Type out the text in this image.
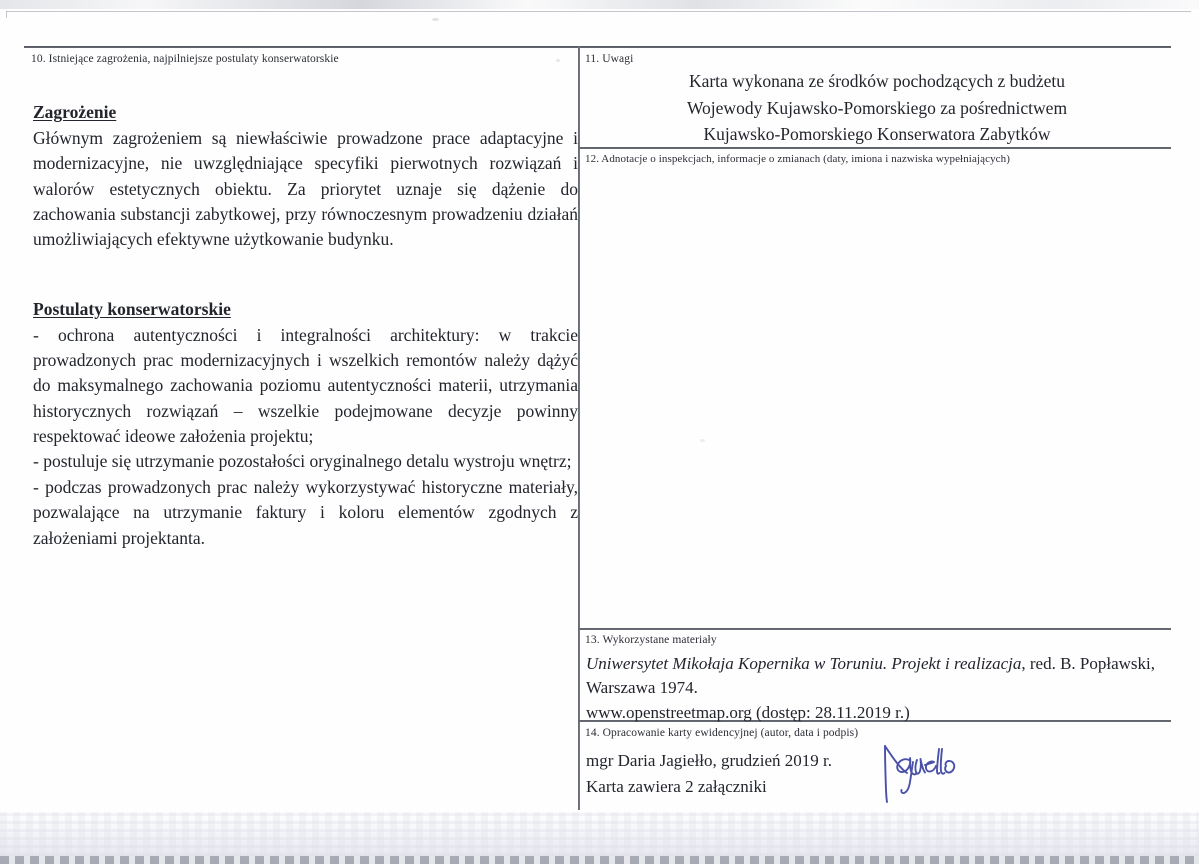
10. Istniejące zagrożenia, najpilniejsze postulaty konserwatorskie	11. Uwagi
12. Adnotacje o inspekcjach, informacje o zmianach (daty, imiona i nazwiska wypełniających)
13. Wykorzystane materiały
14. Opracowanie karty ewidencyjnej (autor, data i podpis)
Zagrożenie

Głównym zagrożeniem są niewłaściwie prowadzone prace adaptacyjne i modernizacyjne, nie uwzględniające specyfiki pierwotnych rozwiązań i walorów estetycznych obiektu. Za priorytet uznaje się dążenie do zachowania substancji zabytkowej, przy równoczesnym prowadzeniu działań umożliwiających efektywne użytkowanie budynku.

Postulaty konserwatorskie

- ochrona autentyczności i integralności architektury: w trakcie prowadzonych prac modernizacyjnych i wszelkich remontów należy dążyć do maksymalnego zachowania poziomu autentyczności materii, utrzymania historycznych rozwiązań – wszelkie podejmowane decyzje powinny respektować ideowe założenia projektu;

- postuluje się utrzymanie pozostałości oryginalnego detalu wystroju wnętrz;

- podczas prowadzonych prac należy wykorzystywać historyczne materiały, pozwalające na utrzymanie faktury i koloru elementów zgodnych z założeniami projektanta.

Karta wykonana ze środków pochodzących z budżetu
Wojewody Kujawsko-Pomorskiego za pośrednictwem
Kujawsko-Pomorskiego Konserwatora Zabytków
Uniwersytet Mikołaja Kopernika w Toruniu. Projekt i realizacja, red. B. Popławski,
Warszawa 1974.
www.openstreetmap.org (dostęp: 28.11.2019 r.)
mgr Daria Jagiełło, grudzień 2019 r.
Karta zawiera 2 załączniki
